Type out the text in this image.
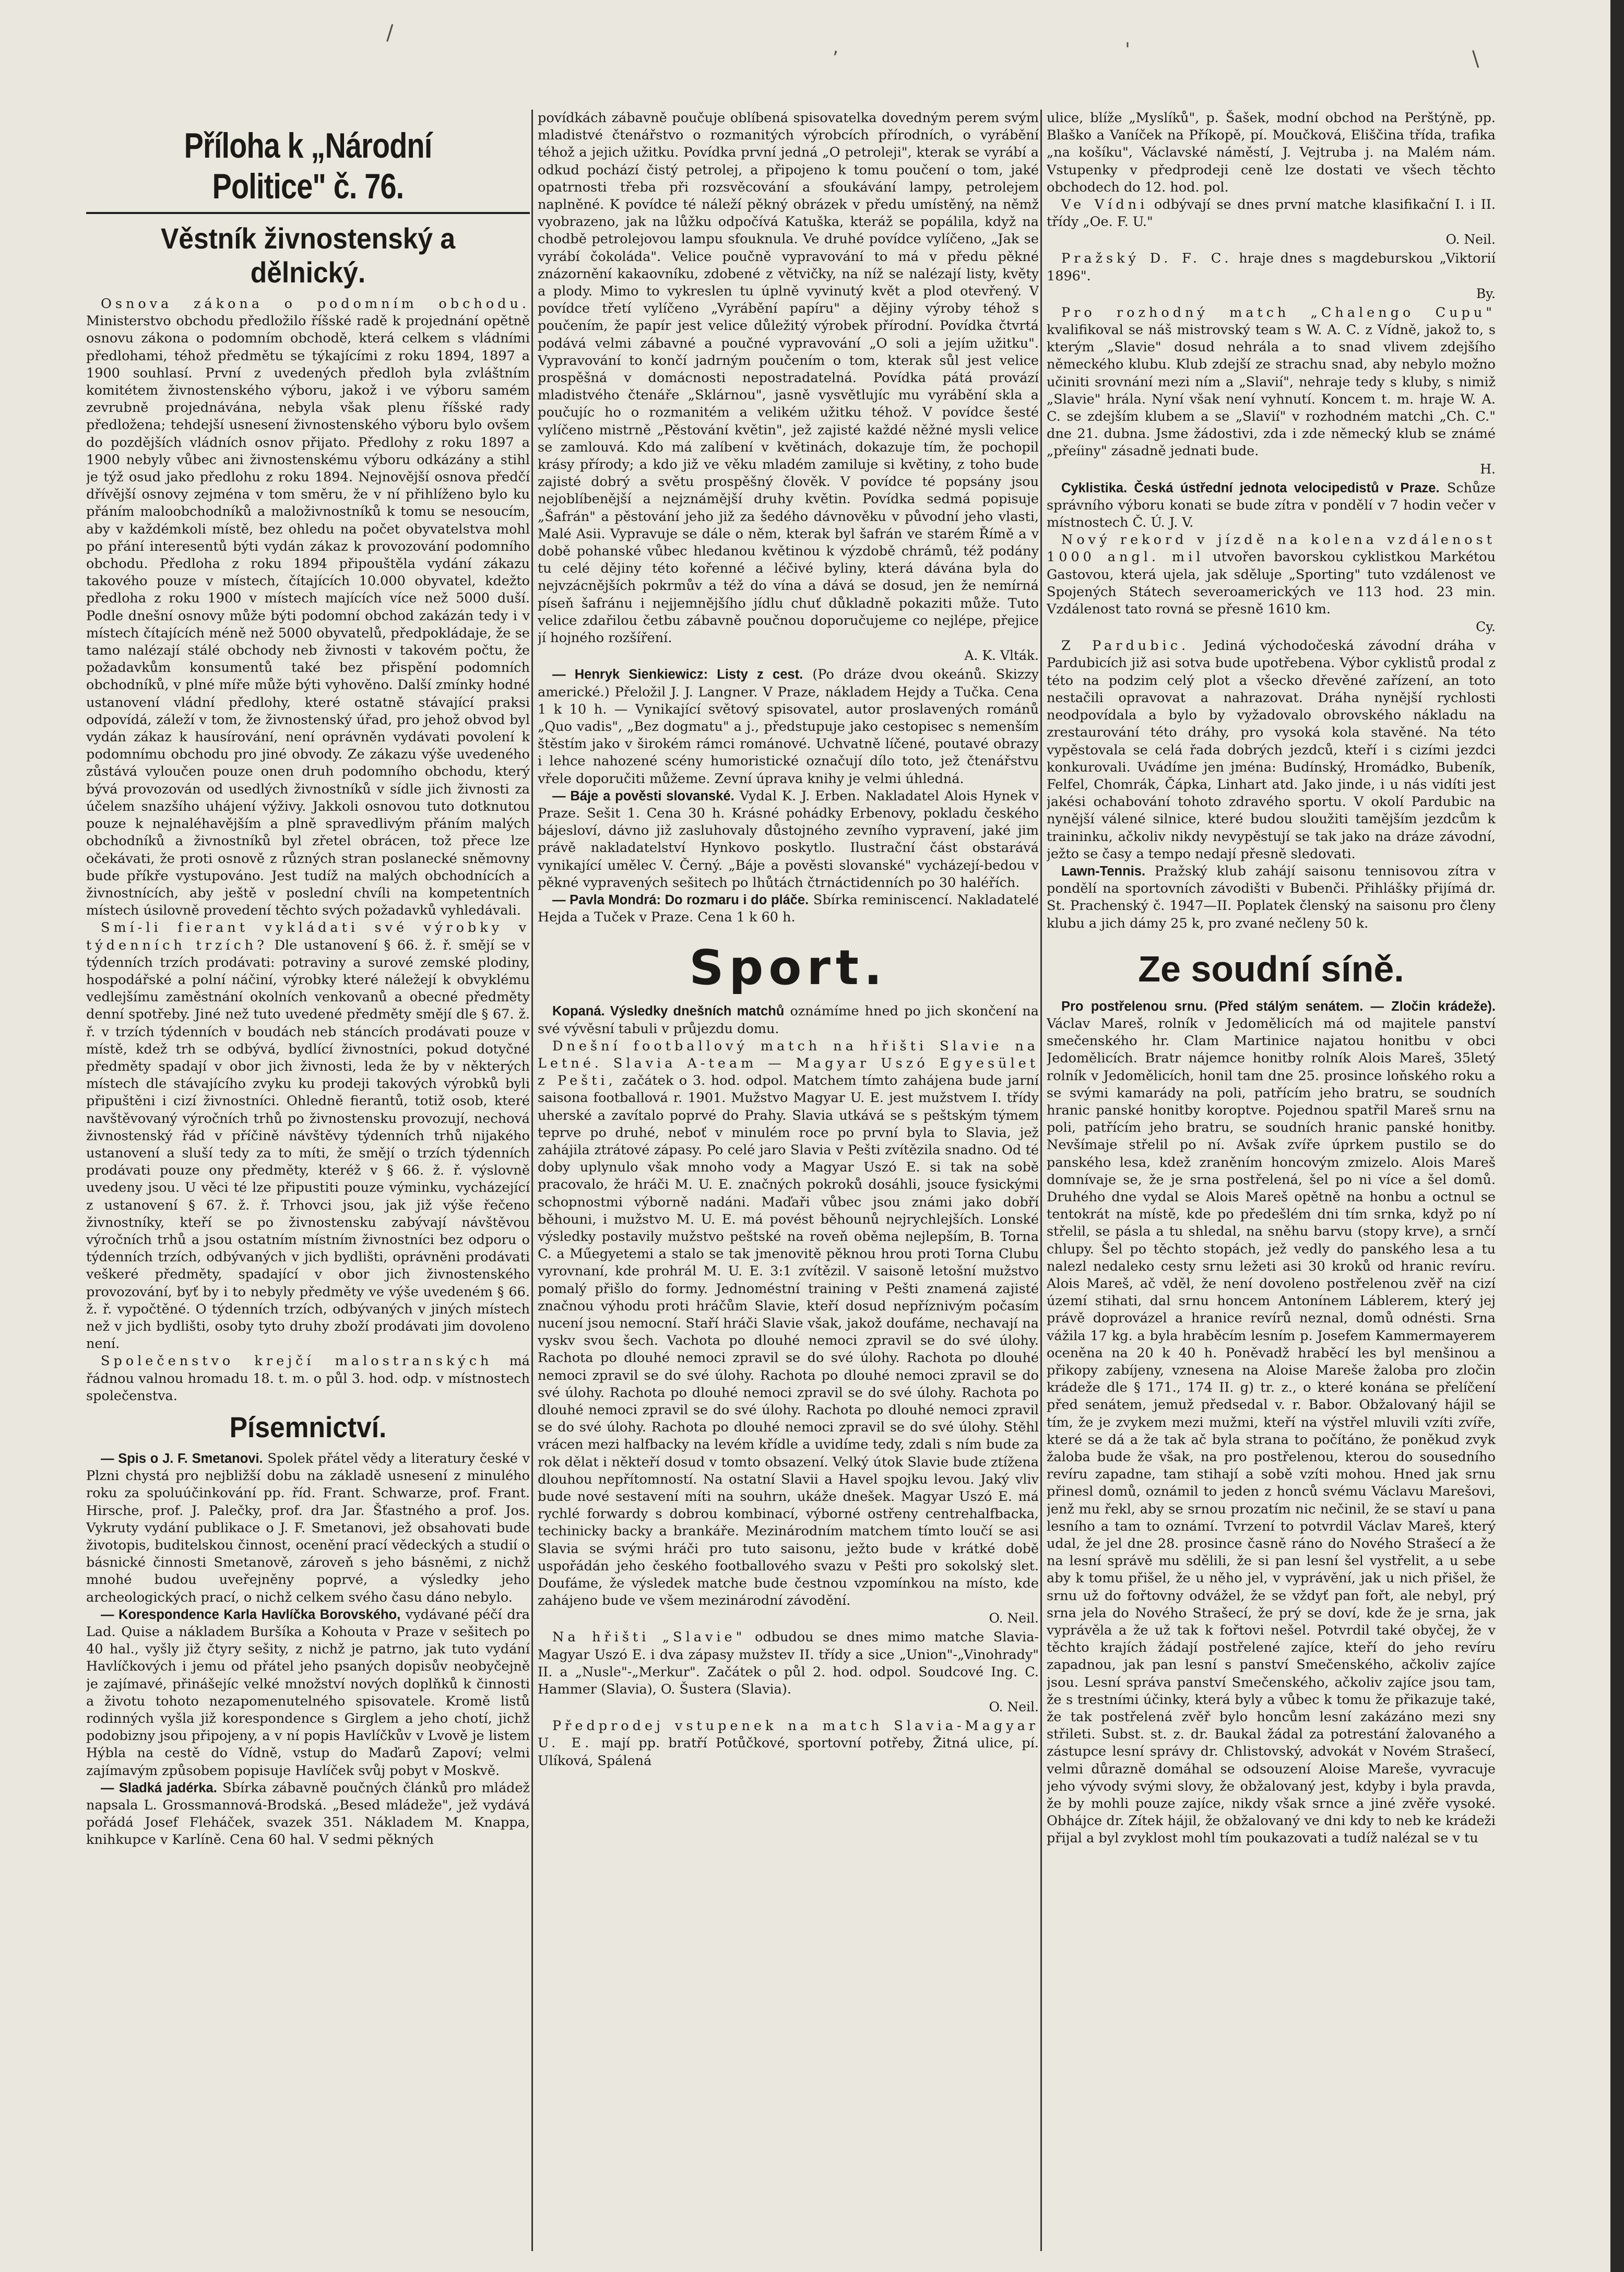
/
,	'	\
Příloha k „Národní Politice" č. 76.
Věstník živnostenský a dělnický.

Osnova zákona o podomním obchodu. Ministerstvo obchodu předložilo říšské radě k projednání opětně osnovu zákona o podomním obchodě, která celkem s vládními předlohami, téhož předmětu se týkajícími z roku 1894, 1897 a 1900 souhlasí. První z uvedených předloh byla zvláštním komitétem živnostenského výboru, jakož i ve výboru samém zevrubně projednávána, nebyla však plenu říšské rady předložena; tehdejší usnesení živnostenského výboru bylo ovšem do pozdějších vládních osnov přijato. Předlohy z roku 1897 a 1900 nebyly vůbec ani živnostenskému výboru odkázány a stihl je týž osud jako předlohu z roku 1894. Nejnovější osnova předčí dřívější osnovy zejména v tom směru, že v ní přihlíženo bylo ku přáním maloobchodníků a maloživnostníků k tomu se nesoucím, aby v každémkoli místě, bez ohledu na počet obyvatelstva mohl po přání interesentů býti vydán zákaz k provozování podomního obchodu. Předloha z roku 1894 připouštěla vydání zákazu takového pouze v místech, čítajících 10.000 obyvatel, kdežto předloha z roku 1900 v místech majících více než 5000 duší. Podle dnešní osnovy může býti podomní obchod zakázán tedy i v místech čítajících méně než 5000 obyvatelů, předpokládaje, že se tamo nalézají stálé obchody neb živnosti v takovém počtu, že požadavkům konsumentů také bez přispění podomních obchodníků, v plné míře může býti vyhověno. Další zmínky hodné ustanovení vládní předlohy, které ostatně stávající praksi odpovídá, záleží v tom, že živnostenský úřad, pro jehož obvod byl vydán zákaz k hausírování, není oprávněn vydávati povolení k podomnímu obchodu pro jiné obvody. Ze zákazu výše uvedeného zůstává vyloučen pouze onen druh podomního obchodu, který bývá provozován od usedlých živnostníků v sídle jich živnosti za účelem snazšího uhájení výživy. Jakkoli osnovou tuto dotknutou pouze k nejnaléhavějším a plně spravedlivým přáním malých obchodníků a živnostníků byl zřetel obrácen, tož přece lze očekávati, že proti osnově z různých stran poslanecké sněmovny bude příkře vystupováno. Jest tudíž na malých obchodnících a živnostnících, aby ještě v poslední chvíli na kompetentních místech úsilovně provedení těchto svých požadavků vyhledávali.

Smí-li fierant vykládati své výrobky v týdenních trzích? Dle ustanovení § 66. ž. ř. smějí se v týdenních trzích prodávati: potraviny a surové zemské plodiny, hospodářské a polní náčiní, výrobky které náležejí k obvyklému vedlejšímu zaměstnání okolních venkovanů a obecné předměty denní spotřeby. Jiné než tuto uvedené předměty smějí dle § 67. ž. ř. v trzích týdenních v boudách neb stáncích prodávati pouze v místě, kdež trh se odbývá, bydlící živnostníci, pokud dotyčné předměty spadají v obor jich živnosti, leda že by v některých místech dle stávajícího zvyku ku prodeji takových výrobků byli připuštěni i cizí živnostníci. Ohledně fierantů, totiž osob, které navštěvovaný výročních trhů po živnostensku provozují, nechová živnostenský řád v příčině návštěvy týdenních trhů nijakého ustanovení a sluší tedy za to míti, že smějí o trzích týdenních prodávati pouze ony předměty, kteréž v § 66. ž. ř. výslovně uvedeny jsou. U věci té lze připustiti pouze výminku, vycházející z ustanovení § 67. ž. ř. Trhovci jsou, jak již výše řečeno živnostníky, kteří se po živnostensku zabývají návštěvou výročních trhů a jsou ostatním místním živnostníci bez odporu o týdenních trzích, odbývaných v jich bydlišti, oprávněni prodávati veškeré předměty, spadající v obor jich živnostenského provozování, byť by i to nebyly předměty ve výše uvedeném § 66. ž. ř. vypočtěné. O týdenních trzích, odbývaných v jiných místech než v jich bydlišti, osoby tyto druhy zboží prodávati jim dovoleno není.

Společenstvo krejčí malostranských má řádnou valnou hromadu 18. t. m. o půl 3. hod. odp. v místnostech společenstva.

Písemnictví.

— Spis o J. F. Smetanovi. Spolek přátel vědy a literatury české v Plzni chystá pro nejbližší dobu na základě usnesení z minulého roku za spoluúčinkování pp. říd. Frant. Schwarze, prof. Frant. Hirsche, prof. J. Palečky, prof. dra Jar. Šťastného a prof. Jos. Vykruty vydání publikace o J. F. Smetanovi, jež obsahovati bude životopis, buditelskou činnost, ocenění prací vědeckých a studií o básnické činnosti Smetanově, zároveň s jeho básněmi, z nichž mnohé budou uveřejněny poprvé, a výsledky jeho archeologických prací, o nichž celkem svého času dáno nebylo.

— Korespondence Karla Havlíčka Borovského, vydávané péčí dra Lad. Quise a nákladem Buršíka a Kohouta v Praze v sešitech po 40 hal., vyšly již čtyry sešity, z nichž je patrno, jak tuto vydání Havlíčkových i jemu od přátel jeho psaných dopisův neobyčejně je zajímavé, přinášejíc velké množství nových doplňků k činnosti a životu tohoto nezapomenutelného spisovatele. Kromě listů rodinných vyšla již korespondence s Girglem a jeho chotí, jichž podobizny jsou připojeny, a v ní popis Havlíčkův v Lvově je listem Hýbla na cestě do Vídně, vstup do Maďarů Zapoví; velmi zajímavým způsobem popisuje Havlíček svůj pobyt v Moskvě.

— Sladká jadérka. Sbírka zábavně poučných článků pro mládež napsala L. Grossmannová-Brodská. „Besed mládeže", jež vydává pořádá Josef Fleháček, svazek 351. Nákladem M. Knappa, knihkupce v Karlíně. Cena 60 hal. V sedmi pěkných

povídkách zábavně poučuje oblíbená spisovatelka dovedným perem svým mladistvé čtenářstvo o rozmanitých výrobcích přírodních, o vyrábění téhož a jejich užitku. Povídka první jedná „O petroleji", kterak se vyrábí a odkud pochází čistý petrolej, a připojeno k tomu poučení o tom, jaké opatrnosti třeba při rozsvěcování a sfoukávání lampy, petrolejem naplněné. K povídce té náleží pěkný obrázek v předu umístěný, na němž vyobrazeno, jak na lůžku odpočívá Katuška, kteráž se popálila, když na chodbě petrolejovou lampu sfouknula. Ve druhé povídce vylíčeno, „Jak se vyrábí čokoláda". Velice poučně vypravování to má v předu pěkné znázornění kakaovníku, zdobené z větvičky, na níž se nalézají listy, květy a plody. Mimo to vykreslen tu úplně vyvinutý květ a plod otevřený. V povídce třetí vylíčeno „Vyrábění papíru" a dějiny výroby téhož s poučením, že papír jest velice důležitý výrobek přírodní. Povídka čtvrtá podává velmi zábavné a poučné vypravování „O soli a jejím užitku". Vypravování to končí jadrným poučením o tom, kterak sůl jest velice prospěšná v domácnosti nepostradatelná. Povídka pátá provází mladistvého čtenáře „Sklárnou", jasně vysvětlujíc mu vyrábění skla a poučujíc ho o rozmanitém a velikém užitku téhož. V povídce šesté vylíčeno mistrně „Pěstování květin", jež zajisté každé něžné mysli velice se zamlouvá. Kdo má zalíbení v květinách, dokazuje tím, že pochopil krásy přírody; a kdo již ve věku mladém zamiluje si květiny, z toho bude zajisté dobrý a světu prospěšný člověk. V povídce té popsány jsou nejoblíbenější a nejznámější druhy květin. Povídka sedmá popisuje „Šafrán" a pěstování jeho již za šedého dávnověku v původní jeho vlasti, Malé Asii. Vypravuje se dále o něm, kterak byl šafrán ve starém Římě a v době pohanské vůbec hledanou květinou k výzdobě chrámů, též podány tu celé dějiny této kořenné a léčivé byliny, která dávána byla do nejvzácnějších pokrmův a též do vína a dává se dosud, jen že nemírná píseň šafránu i nejjemnějšího jídlu chuť důkladně pokaziti může. Tuto velice zdařilou četbu zábavně poučnou doporučujeme co nejlépe, přejice jí hojného rozšíření.

A. K. Vlták.

— Henryk Sienkiewicz: Listy z cest. (Po dráze dvou okeánů. Skizzy americké.) Přeložil J. J. Langner. V Praze, nákladem Hejdy a Tučka. Cena 1 k 10 h. — Vynikající světový spisovatel, autor proslavených románů „Quo vadis", „Bez dogmatu" a j., předstupuje jako cestopisec s nemenším štěstím jako v širokém rámci románové. Uchvatně líčené, poutavé obrazy i lehce nahozené scény humoristické označují dílo toto, jež čtenářstvu vřele doporučiti můžeme. Zevní úprava knihy je velmi úhledná.

— Báje a pověsti slovanské. Vydal K. J. Erben. Nakladatel Alois Hynek v Praze. Sešit 1. Cena 30 h. Krásné pohádky Erbenovy, pokladu českého bájesloví, dávno již zasluhovaly důstojného zevního vypravení, jaké jim právě nakladatelství Hynkovo poskytlo. Ilustrační část obstarává vynikající umělec V. Černý. „Báje a pověsti slovanské" vycházejí-bedou v pěkné vypravených sešitech po lhůtách čtrnáctidenních po 30 haléřích.

— Pavla Mondrá: Do rozmaru i do pláče. Sbírka reminiscencí. Nakladatelé Hejda a Tuček v Praze. Cena 1 k 60 h.

Sport.

Kopaná. Výsledky dnešních matchů oznámíme hned po jich skončení na své vývěsní tabuli v průjezdu domu.

Dnešní footballový match na hřišti Slavie na Letné. Slavia A-team — Magyar Uszó Egyesület z Pešti, začátek o 3. hod. odpol. Matchem tímto zahájena bude jarní saisona footballová r. 1901. Mužstvo Magyar U. E. jest mužstvem I. třídy uherské a zavítalo poprvé do Prahy. Slavia utkává se s peštským týmem teprve po druhé, neboť v minulém roce po první byla to Slavia, jež zahájila ztrátové zápasy. Po celé jaro Slavia v Pešti zvítězila snadno. Od té doby uplynulo však mnoho vody a Magyar Uszó E. si tak na sobě pracovalo, že hráči M. U. E. značných pokroků dosáhli, jsouce fysickými schopnostmi výborně nadáni. Maďaři vůbec jsou známi jako dobří běhouni, i mužstvo M. U. E. má povést běhounů nejrychlejších. Lonské výsledky postavily mužstvo peštské na roveň oběma nejlepším, B. Torna C. a Műegyetemi a stalo se tak jmenovitě pěknou hrou proti Torna Clubu vyrovnaní, kde prohrál M. U. E. 3:1 zvítězil. V saisoně letošní mužstvo pomalý přišlo do formy. Jednoméstní training v Pešti znamená zajisté značnou výhodu proti hráčům Slavie, kteří dosud nepříznivým počasím nucení jsou nemocní. Staří hráči Slavie však, jakož doufáme, nechavají na vyskv svou šech. Vachota po dlouhé nemoci zpravil se do své úlohy. Rachota po dlouhé nemoci zpravil se do své úlohy. Rachota po dlouhé nemoci zpravil se do své úlohy. Rachota po dlouhé nemoci zpravil se do své úlohy. Rachota po dlouhé nemoci zpravil se do své úlohy. Rachota po dlouhé nemoci zpravil se do své úlohy. Rachota po dlouhé nemoci zpravil se do své úlohy. Rachota po dlouhé nemoci zpravil se do své úlohy. Stěhl vrácen mezi halfbacky na levém křídle a uvidíme tedy, zdali s ním bude za rok dělat i někteří dosud v tomto obsazení. Velký útok Slavie bude ztížena dlouhou nepřítomností. Na ostatní Slavii a Havel spojku levou. Jaký vliv bude nové sestavení míti na souhrn, ukáže dnešek. Magyar Uszó E. má rychlé forwardy s dobrou kombinací, výborné ostřeny centrehalfbacka, techinicky backy a brankáře. Mezinárodním matchem tímto loučí se asi Slavia se svými hráči pro tuto saisonu, ježto bude v krátké době uspořádán jeho českého footballového svazu v Pešti pro sokolský slet. Doufáme, že výsledek matche bude čestnou vzpomínkou na místo, kde zahájeno bude ve všem mezinárodní závodění.

O. Neil.

Na hřišti „Slavie" odbudou se dnes mimo matche Slavia-Magyar Uszó E. i dva zápasy mužstev II. třídy a sice „Union"-„Vinohrady" II. a „Nusle"-„Merkur". Začátek o půl 2. hod. odpol. Soudcové Ing. C. Hammer (Slavia), O. Šustera (Slavia).

O. Neil.

Předprodej vstupenek na match Slavia-Magyar U. E. mají pp. bratří Potůčkové, sportovní potřeby, Žitná ulice, pí. Ulíková, Spálená

ulice, blíže „Myslíků", p. Šašek, modní obchod na Perštýně, pp. Blaško a Vaníček na Příkopě, pí. Moučková, Eliščina třída, trafika „na košíku", Václavské náměstí, J. Vejtruba j. na Malém nám. Vstupenky v předprodeji ceně lze dostati ve všech těchto obchodech do 12. hod. pol.

Ve Vídni odbývají se dnes první matche klasifikační I. i II. třídy „Oe. F. U."

O. Neil.

Pražský D. F. C. hraje dnes s magdeburskou „Viktorií 1896".

By.

Pro rozhodný match „Chalengo Cupu" kvalifikoval se náš mistrovský team s W. A. C. z Vídně, jakož to, s kterým „Slavie" dosud nehrála a to snad vlivem zdejšího německého klubu. Klub zdejší ze strachu snad, aby nebylo možno učiniti srovnání mezi ním a „Slavií", nehraje tedy s kluby, s nimiž „Slavie" hrála. Nyní však není vyhnutí. Koncem t. m. hraje W. A. C. se zdejším klubem a se „Slavií" v rozhodném matchi „Ch. C." dne 21. dubna. Jsme žádostivi, zda i zde německý klub se známé „přeíiny" zásadně jednati bude.

H.

Cyklistika. Česká ústřední jednota velocipedistů v Praze. Schůze správního výboru konati se bude zítra v pondělí v 7 hodin večer v místnostech Č. Ú. J. V.

Nový rekord v jízdě na kolena vzdálenost 1000 angl. mil utvořen bavorskou cyklistkou Markétou Gastovou, která ujela, jak sděluje „Sporting" tuto vzdálenost ve Spojených Státech severoamerických ve 113 hod. 23 min. Vzdálenost tato rovná se přesně 1610 km.

Cy.

Z Pardubic. Jediná východočeská závodní dráha v Pardubicích již asi sotva bude upotřebena. Výbor cyklistů prodal z této na podzim celý plot a všecko dřevěné zařízení, an toto nestačili opravovat a nahrazovat. Dráha nynější rychlosti neodpovídala a bylo by vyžadovalo obrovského nákladu na zrestaurování této dráhy, pro vysoká kola stavěné. Na této vypěstovala se celá řada dobrých jezdců, kteří i s cizími jezdci konkurovali. Uvádíme jen jména: Budínský, Hromádko, Bubeník, Felfel, Chomrák, Čápka, Linhart atd. Jako jinde, i u nás vidíti jest jakési ochabování tohoto zdravého sportu. V okolí Pardubic na nynější válené silnice, které budou sloužiti tamějším jezdcům k traininku, ačkoliv nikdy nevypěstují se tak jako na dráze závodní, ježto se časy a tempo nedají přesně sledovati.

Lawn-Tennis. Pražský klub zahájí saisonu tennisovou zítra v pondělí na sportovních závodišti v Bubenči. Přihlášky přijímá dr. St. Prachenský č. 1947—II. Poplatek členský na saisonu pro členy klubu a jich dámy 25 k, pro zvané nečleny 50 k.

Ze soudní síně.

Pro postřelenou srnu. (Před stálým senátem. — Zločin krádeže). Václav Mareš, rolník v Jedomělicích má od majitele panství smečenského hr. Clam Martinice najatou honitbu v obci Jedomělicích. Bratr nájemce honitby rolník Alois Mareš, 35letý rolník v Jedomělicích, honil tam dne 25. prosince loňského roku a se svými kamarády na poli, patřícím jeho bratru, se soudních hranic panské honitby koroptve. Pojednou spatřil Mareš srnu na poli, patřícím jeho bratru, se soudních hranic panské honitby. Nevšímaje střelil po ní. Avšak zvíře úprkem pustilo se do panského lesa, kdež zraněním honcovým zmizelo. Alois Mareš domnívaje se, že je srna postřelená, šel po ni více a šel domů. Druhého dne vydal se Alois Mareš opětně na honbu a octnul se tentokrát na místě, kde po předešlém dni tím srnka, když po ní střelil, se pásla a tu shledal, na sněhu barvu (stopy krve), a srnčí chlupy. Šel po těchto stopách, jež vedly do panského lesa a tu nalezl nedaleko cesty srnu ležeti asi 30 kroků od hranic revíru. Alois Mareš, ač vděl, že není dovoleno postřelenou zvěř na cizí území stihati, dal srnu honcem Antonínem Láblerem, který jej právě doprovázel a hranice revírů neznal, domů odnésti. Srna vážila 17 kg. a byla hraběcím lesním p. Josefem Kammermayerem oceněna na 20 k 40 h. Poněvadž hraběcí les byl menšinou a přikopy zabíjeny, vznesena na Aloise Mareše žaloba pro zločin krádeže dle § 171., 174 II. g) tr. z., o které konána se přelíčení před senátem, jemuž předsedal v. r. Babor. Obžalovaný hájil se tím, že je zvykem mezi mužmi, kteří na výstřel mluvili vzíti zvíře, které se dá a že tak ač byla strana to počítáno, že poněkud zvyk žaloba bude že však, na pro postřelenou, kterou do sousedního revíru zapadne, tam stihají a sobě vzíti mohou. Hned jak srnu přinesl domů, oznámil to jeden z honců svému Václavu Marešovi, jenž mu řekl, aby se srnou prozatím nic nečinil, že se staví u pana lesního a tam to oznámí. Tvrzení to potvrdil Václav Mareš, který udal, že jel dne 28. prosince časně ráno do Nového Strašecí a že na lesní správě mu sdělili, že si pan lesní šel vystřelit, a u sebe aby k tomu přišel, že u něho jel, v vyprávění, jak u nich přišel, že srnu už do fořtovny odvážel, že se vždyť pan fořt, ale nebyl, prý srna jela do Nového Strašecí, že prý se doví, kde že je srna, jak vyprávěla a že už tak k fořtovi nešel. Potvrdil také obyčej, že v těchto krajích žádají postřelené zajíce, kteří do jeho revíru zapadnou, jak pan lesní s panství Smečenského, ačkoliv zajíce jsou. Lesní správa panství Smečenského, ačkoliv zajíce jsou tam, že s trestními účinky, která byly a vůbec k tomu že přikazuje také, že tak postřelená zvěř bylo honcům lesní zakázáno mezi sny střileti. Subst. st. z. dr. Baukal žádal za potrestání žalovaného a zástupce lesní správy dr. Chlistovský, advokát v Novém Strašecí, velmi důrazně domáhal se odsouzení Aloise Mareše, vyvracuje jeho vývody svými slovy, že obžalovaný jest, kdyby i byla pravda, že by mohli pouze zajíce, nikdy však srnce a jiné zvěře vysoké. Obhájce dr. Zítek hájil, že obžalovaný ve dni kdy to neb ke krádeži přijal a byl zvyklost mohl tím poukazovati a tudíž nalézal se v tu
